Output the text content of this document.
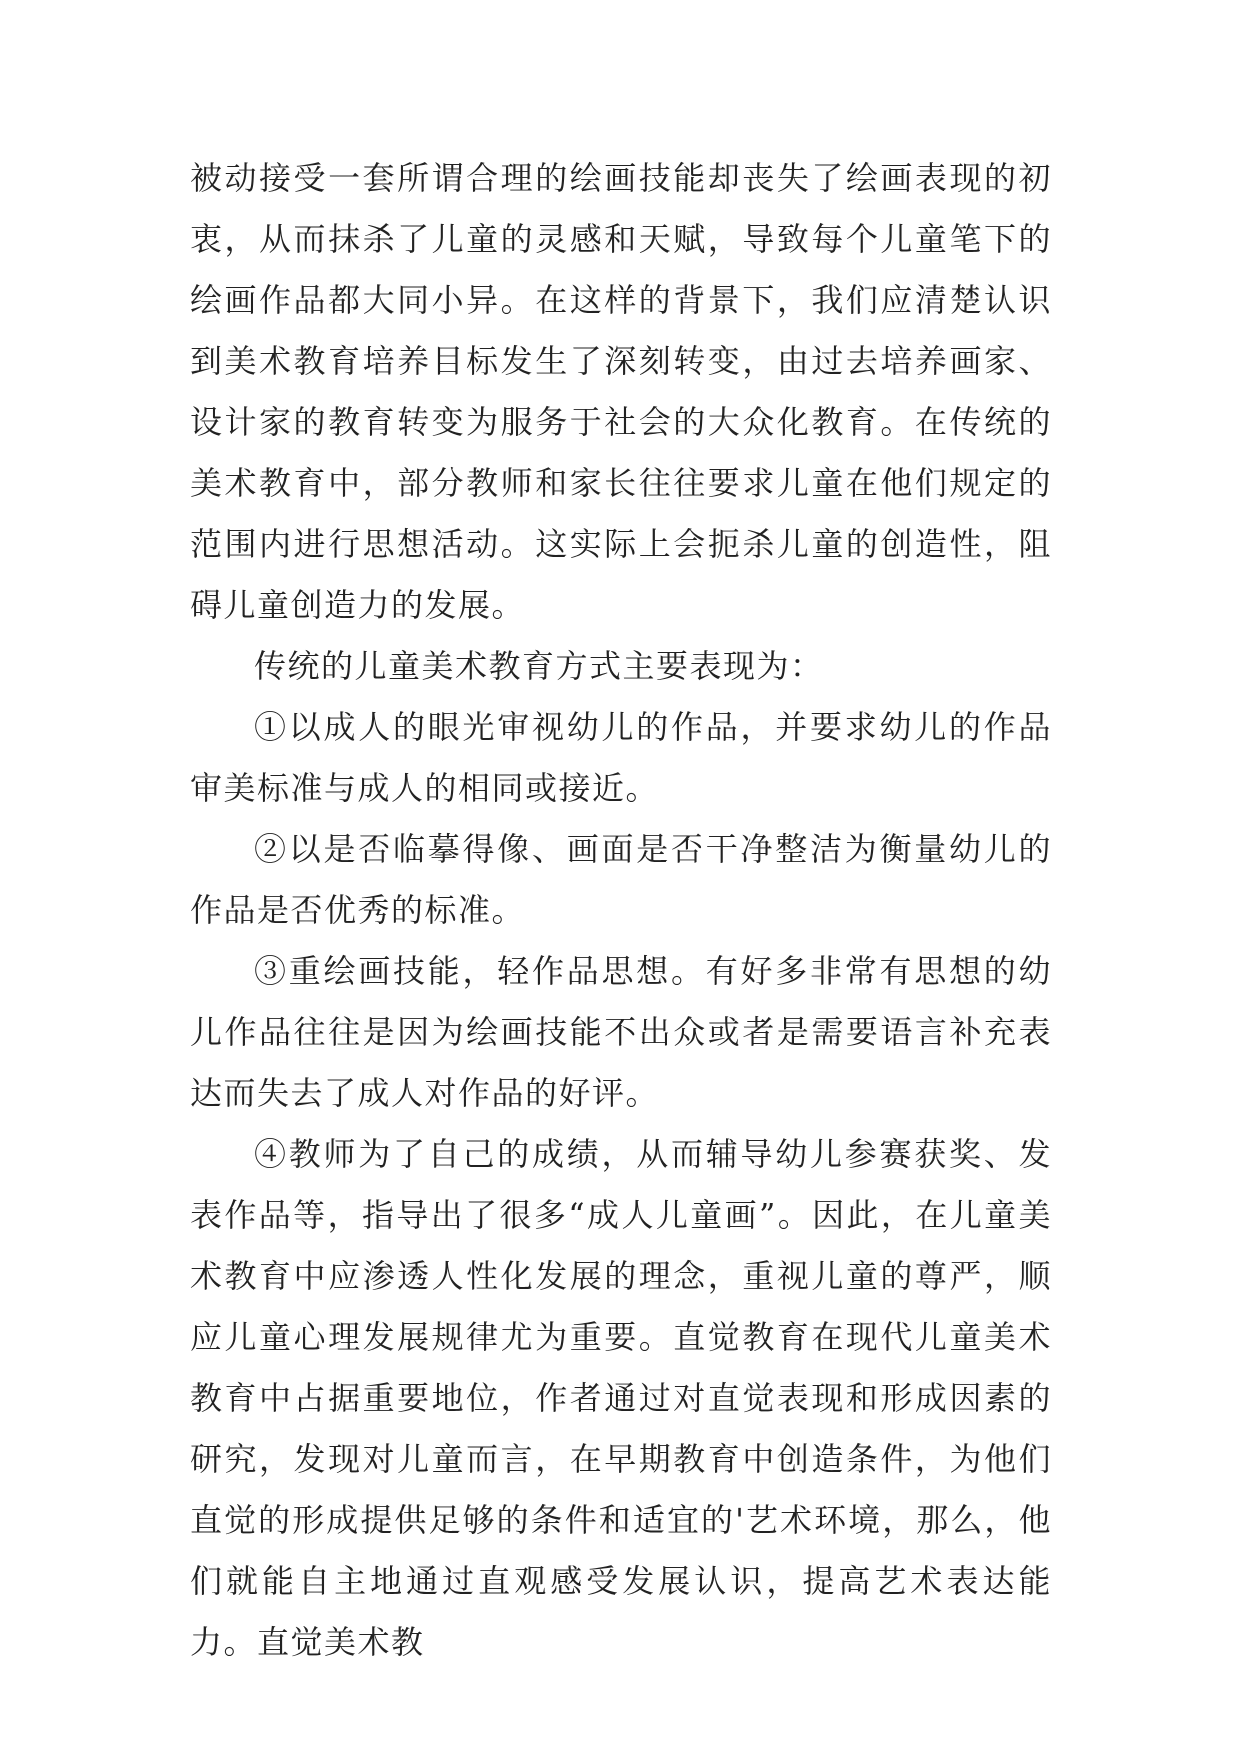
被动接受一套所谓合理的绘画技能却丧失了绘画表现的初衷，从而抹杀了儿童的灵感和天赋，导致每个儿童笔下的绘画作品都大同小异。在这样的背景下，我们应清楚认识到美术教育培养目标发生了深刻转变，由过去培养画家、设计家的教育转变为服务于社会的大众化教育。在传统的美术教育中，部分教师和家长往往要求儿童在他们规定的范围内进行思想活动。这实际上会扼杀儿童的创造性，阻碍儿童创造力的发展。

传统的儿童美术教育方式主要表现为：

①以成人的眼光审视幼儿的作品，并要求幼儿的作品审美标准与成人的相同或接近。

②以是否临摹得像、画面是否干净整洁为衡量幼儿的作品是否优秀的标准。

③重绘画技能，轻作品思想。有好多非常有思想的幼儿作品往往是因为绘画技能不出众或者是需要语言补充表达而失去了成人对作品的好评。

④教师为了自己的成绩，从而辅导幼儿参赛获奖、发表作品等，指导出了很多“成人儿童画”。因此，在儿童美术教育中应渗透人性化发展的理念，重视儿童的尊严，顺应儿童心理发展规律尤为重要。直觉教育在现代儿童美术教育中占据重要地位，作者通过对直觉表现和形成因素的研究，发现对儿童而言，在早期教育中创造条件，为他们直觉的形成提供足够的条件和适宜的'艺术环境，那么，他们就能自主地通过直观感受发展认识，提高艺术表达能力。直觉美术教
